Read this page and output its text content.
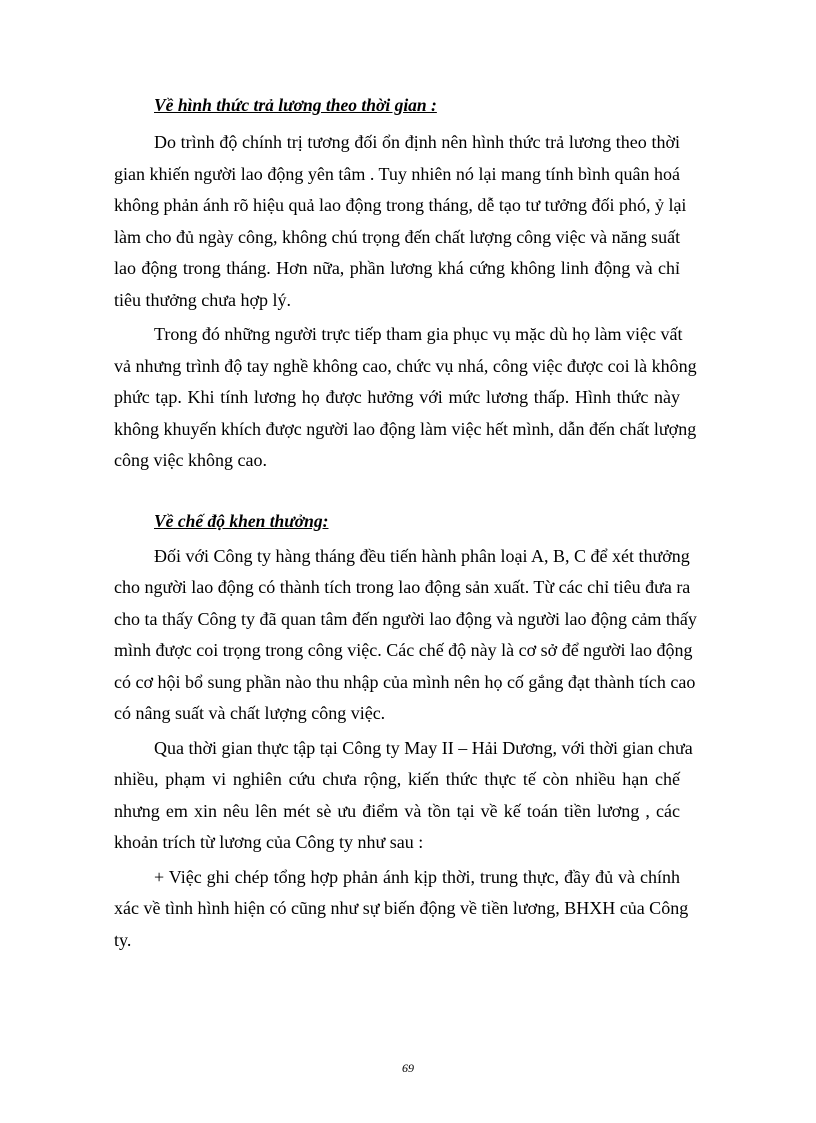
Về hình thức trả lương theo thời gian :
Do trình độ chính trị tương đối ổn định nên hình thức trả lương theo thời
gian khiến người lao động yên tâm . Tuy nhiên nó lại mang tính bình quân hoá
không phản ánh rõ hiệu quả lao động trong tháng, dễ tạo tư tưởng đối phó, ỷ lại
làm cho đủ ngày công, không chú trọng đến chất lượng công việc và năng suất
lao động trong tháng. Hơn nữa, phần lương khá cứng không linh động và chỉ
tiêu thưởng chưa hợp lý.
Trong đó những người trực tiếp tham gia phục vụ mặc dù họ làm việc vất
vả nhưng trình độ tay nghề không cao, chức vụ nhá, công việc được coi là không
phức tạp. Khi tính lương họ được hưởng với mức lương thấp. Hình thức này
không khuyến khích được người lao động làm việc hết mình, dẫn đến chất lượng
công việc không cao.
Về chế độ khen thưởng:
Đối với Công ty hàng tháng đều tiến hành phân loại A, B, C để xét thưởng
cho người lao động có thành tích trong lao động sản xuất. Từ các chỉ tiêu đưa ra
cho ta thấy Công ty đã quan tâm đến người lao động và người lao động cảm thấy
mình được coi trọng trong công việc. Các chế độ này là cơ sở để người lao động
có cơ hội bổ sung phần nào thu nhập của mình nên họ cố gắng đạt thành tích cao
có nâng suất và chất lượng công việc.
Qua thời gian thực tập tại Công ty May II – Hải Dương, với thời gian chưa
nhiều, phạm vi nghiên cứu chưa rộng, kiến thức thực tế còn nhiều hạn chế
nhưng em xin nêu lên mét sè ưu điểm và tồn tại về kế toán tiền lương , các
khoản trích từ lương của Công ty như sau :
+ Việc ghi chép tổng hợp phản ánh kịp thời, trung thực, đầy đủ và chính
xác về tình hình hiện có cũng như sự biến động về tiền lương, BHXH của Công
ty.
69
